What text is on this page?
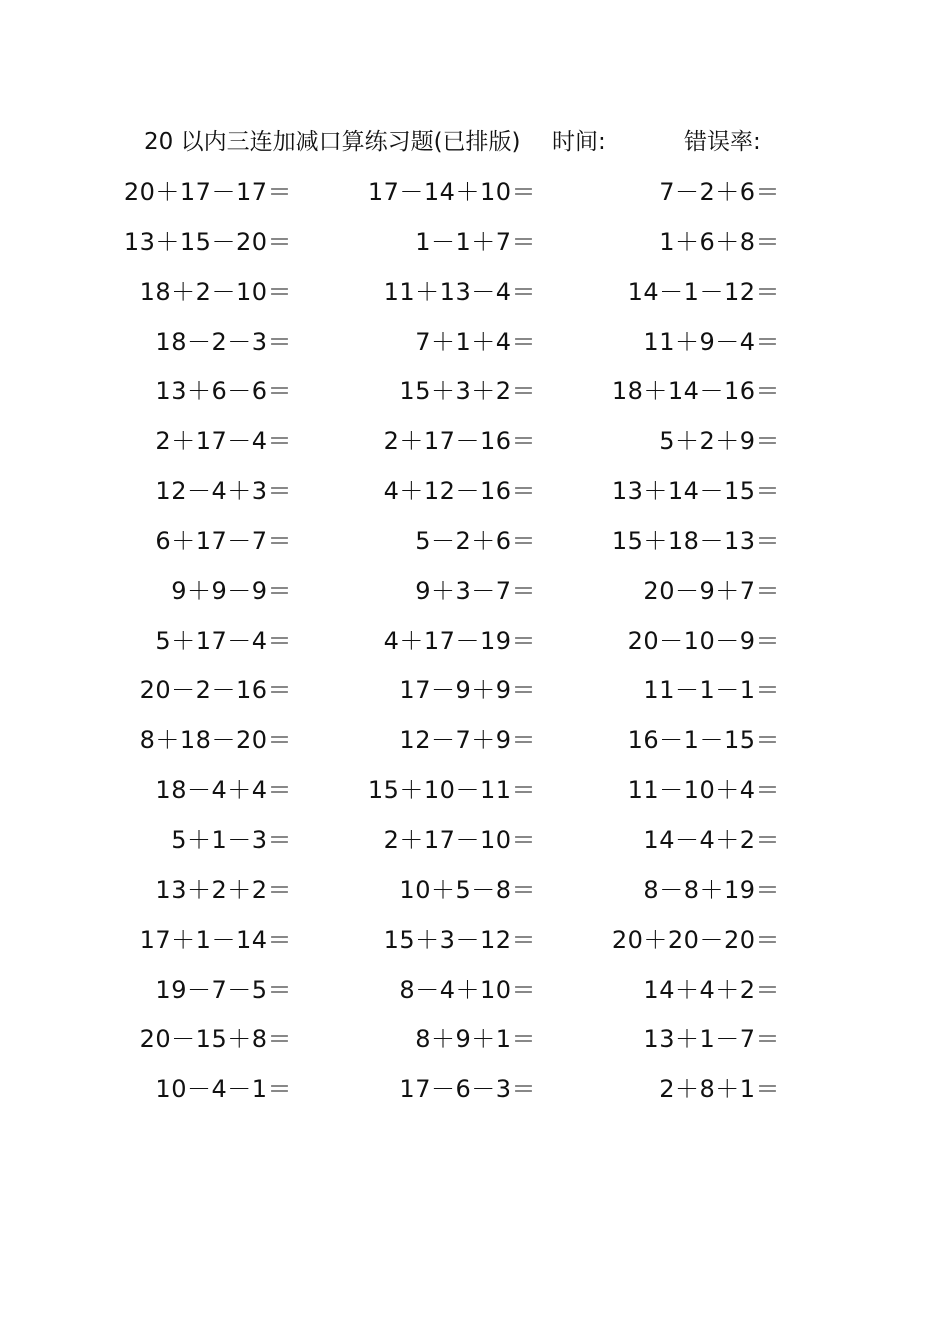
20 以内三连加减口算练习题(已排版) 时间:	错误率:
20＋17－17＝	17－14＋10＝	7－2＋6＝
13＋15－20＝	1－1＋7＝	1＋6＋8＝
18＋2－10＝	11＋13－4＝	14－1－12＝
18－2－3＝	7＋1＋4＝	11＋9－4＝
13＋6－6＝	15＋3＋2＝	18＋14－16＝
2＋17－4＝	2＋17－16＝	5＋2＋9＝
12－4＋3＝	4＋12－16＝	13＋14－15＝
6＋17－7＝	5－2＋6＝	15＋18－13＝
9＋9－9＝	9＋3－7＝	20－9＋7＝
5＋17－4＝	4＋17－19＝	20－10－9＝
20－2－16＝	17－9＋9＝	11－1－1＝
8＋18－20＝	12－7＋9＝	16－1－15＝
18－4＋4＝	15＋10－11＝	11－10＋4＝
5＋1－3＝	2＋17－10＝	14－4＋2＝
13＋2＋2＝	10＋5－8＝	8－8＋19＝
17＋1－14＝	15＋3－12＝	20＋20－20＝
19－7－5＝	8－4＋10＝	14＋4＋2＝
20－15＋8＝	8＋9＋1＝	13＋1－7＝
10－4－1＝	17－6－3＝	2＋8＋1＝
